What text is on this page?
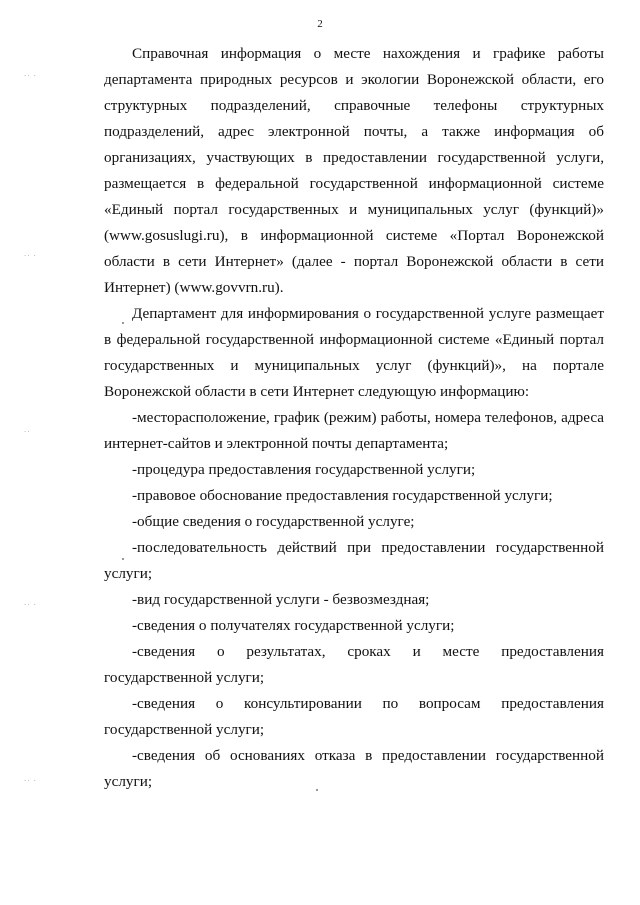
2
·· ·
·· ·
··
·· ·
·· ·

Справочная информация о месте нахождения и графике работы департамента природных ресурсов и экологии Воронежской области, его структурных подразделений, справочные телефоны структурных подразделений, адрес электронной почты, а также информация об организациях, участвующих в предоставлении государственной услуги, размещается в федеральной государственной информационной системе «Единый портал государственных и муниципальных услуг (функций)» (www.gosuslugi.ru), в информационной системе «Портал Воронежской области в сети Интернет» (далее - портал Воронежской области в сети Интернет) (www.govvrn.ru).

Департамент для информирования о государственной услуге размещает в федеральной государственной информационной системе «Единый портал государственных и муниципальных услуг (функций)», на портале Воронежской области в сети Интернет следующую информацию:

-месторасположение, график (режим) работы, номера телефонов, адреса интернет-сайтов и электронной почты департамента;

-процедура предоставления государственной услуги;

-правовое обоснование предоставления государственной услуги;

-общие сведения о государственной услуге;

-последовательность действий при предоставлении государственной услуги;

-вид государственной услуги - безвозмездная;

-сведения о получателях государственной услуги;

-сведения о результатах, сроках и месте предоставления государственной услуги;

-сведения о консультировании по вопросам предоставления государственной услуги;

-сведения об основаниях отказа в предоставлении государственной услуги;
